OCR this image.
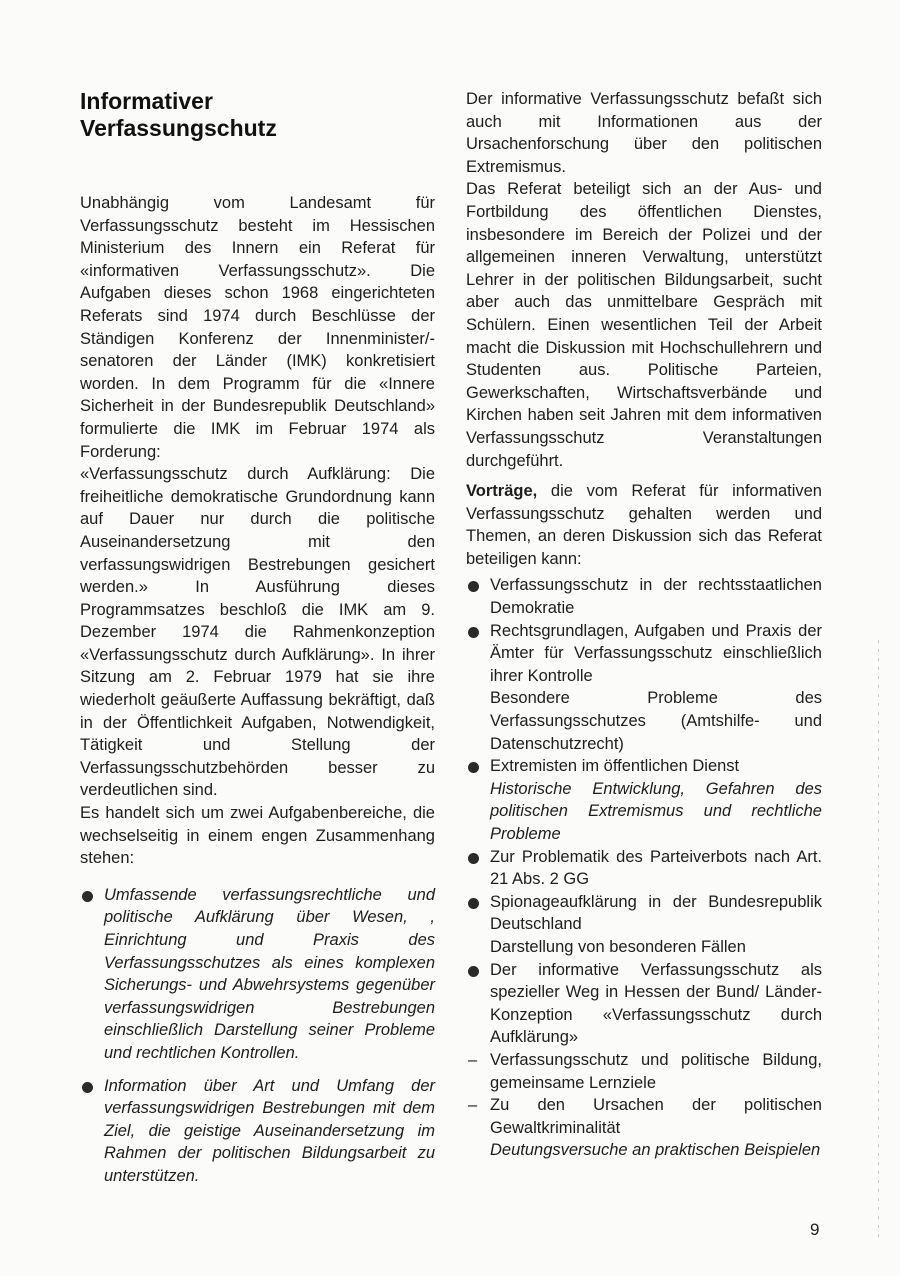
Informativer
Verfassungschutz

Unabhängig vom Landesamt für Verfassungsschutz besteht im Hessischen Ministerium des Innern ein Referat für «informativen Verfassungsschutz». Die Aufgaben dieses schon 1968 eingerichteten Referats sind 1974 durch Beschlüsse der Ständigen Konferenz der Innenminister/-senatoren der Länder (IMK) konkretisiert worden. In dem Programm für die «Innere Sicherheit in der Bundesrepublik Deutschland» formulierte die IMK im Februar 1974 als Forderung:

«Verfassungsschutz durch Aufklärung: Die freiheitliche demokratische Grundordnung kann auf Dauer nur durch die politische Auseinandersetzung mit den verfassungswidrigen Bestrebungen gesichert werden.» In Ausführung dieses Programmsatzes beschloß die IMK am 9. Dezember 1974 die Rahmenkonzeption «Verfassungsschutz durch Aufklärung». In ihrer Sitzung am 2. Februar 1979 hat sie ihre wiederholt geäußerte Auffassung bekräftigt, daß in der Öffentlichkeit Aufgaben, Notwendigkeit, Tätigkeit und Stellung der Verfassungsschutzbehörden besser zu verdeutlichen sind.

Es handelt sich um zwei Aufgabenbereiche, die wechselseitig in einem engen Zusammenhang stehen:

Umfassende verfassungsrechtliche und politische Aufklärung über Wesen, , Einrichtung und Praxis des Verfassungsschutzes als eines komplexen Sicherungs- und Abwehrsystems gegenüber verfassungswidrigen Bestrebungen einschließlich Darstellung seiner Probleme und rechtlichen Kontrollen.
Information über Art und Umfang der verfassungswidrigen Bestrebungen mit dem Ziel, die geistige Auseinandersetzung im Rahmen der politischen Bildungsarbeit zu unterstützen.

Der informative Verfassungsschutz befaßt sich auch mit Informationen aus der Ursachenforschung über den politischen Extremismus.

Das Referat beteiligt sich an der Aus- und Fortbildung des öffentlichen Dienstes, insbesondere im Bereich der Polizei und der allgemeinen inneren Verwaltung, unterstützt Lehrer in der politischen Bildungsarbeit, sucht aber auch das unmittelbare Gespräch mit Schülern. Einen wesentlichen Teil der Arbeit macht die Diskussion mit Hochschullehrern und Studenten aus. Politische Parteien, Gewerkschaften, Wirtschaftsverbände und Kirchen haben seit Jahren mit dem informativen Verfassungsschutz Veranstaltungen durchgeführt.

Vorträge, die vom Referat für informativen Verfassungsschutz gehalten werden und Themen, an deren Diskussion sich das Referat beteiligen kann:

Verfassungsschutz in der rechtsstaatlichen Demokratie
Rechtsgrundlagen, Aufgaben und Praxis der Ämter für Verfassungsschutz einschließlich ihrer Kontrolle
Besondere Probleme des Verfassungsschutzes (Amtshilfe- und Datenschutzrecht)
Extremisten im öffentlichen Dienst
Historische Entwicklung, Gefahren des politischen Extremismus und rechtliche Probleme
Zur Problematik des Parteiverbots nach Art. 21 Abs. 2 GG
Spionageaufklärung in der Bundesrepublik Deutschland
Darstellung von besonderen Fällen
Der informative Verfassungsschutz als spezieller Weg in Hessen der Bund/ Länder-Konzeption «Verfassungsschutz durch Aufklärung»
– Verfassungsschutz und politische Bildung, gemeinsame Lernziele
– Zu den Ursachen der politischen Gewaltkriminalität
Deutungsversuche an praktischen Beispielen
9
